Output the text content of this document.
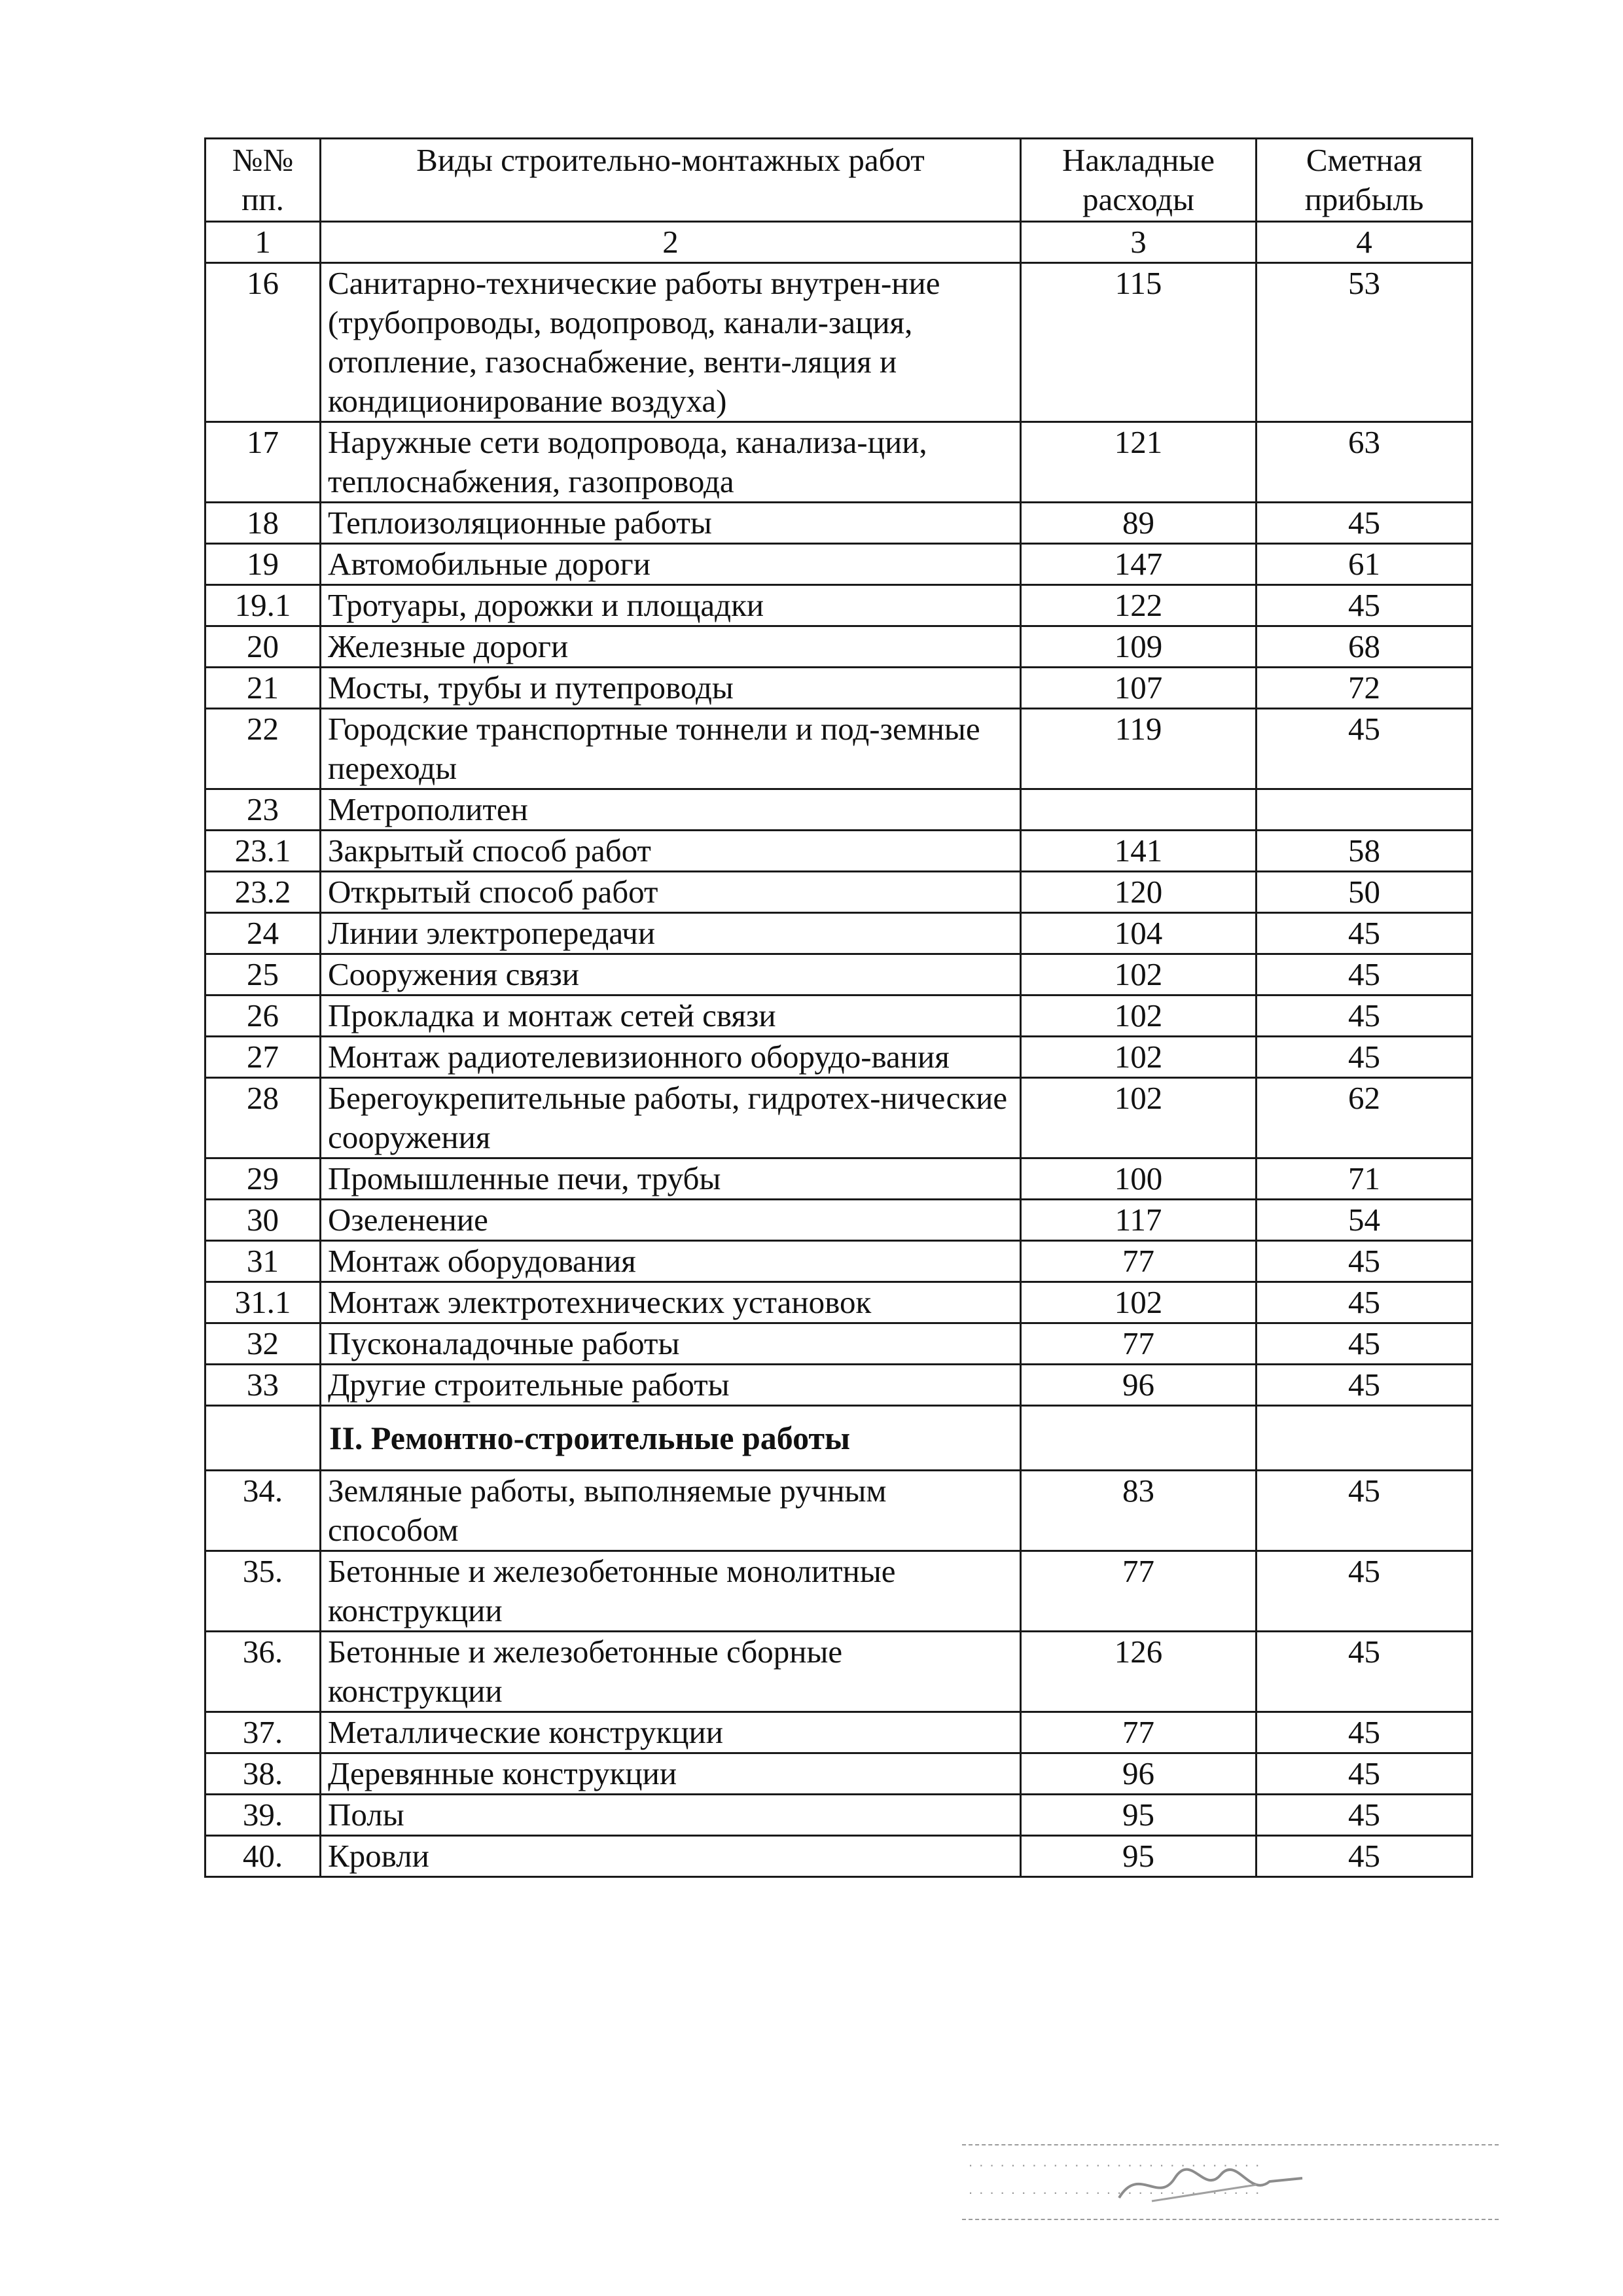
№№ пп.	Виды строительно-монтажных работ	Накладные расходы	Сметная прибыль
1	2	3	4
16	Санитарно-технические работы внутрен-ние (трубопроводы, водопровод, канали-зация, отопление, газоснабжение, венти-ляция и кондиционирование воздуха)	115	53
17	Наружные сети водопровода, канализа-ции, теплоснабжения, газопровода	121	63
18	Теплоизоляционные работы	89	45
19	Автомобильные дороги	147	61
19.1	Тротуары, дорожки и площадки	122	45
20	Железные дороги	109	68
21	Мосты, трубы и путепроводы	107	72
22	Городские транспортные тоннели и под-земные переходы	119	45
23	Метрополитен		
23.1	Закрытый способ работ	141	58
23.2	Открытый способ работ	120	50
24	Линии электропередачи	104	45
25	Сооружения связи	102	45
26	Прокладка и монтаж сетей связи	102	45
27	Монтаж радиотелевизионного оборудо-вания	102	45
28	Берегоукрепительные работы, гидротех-нические сооружения	102	62
29	Промышленные печи, трубы	100	71
30	Озеленение	117	54
31	Монтаж оборудования	77	45
31.1	Монтаж электротехнических установок	102	45
32	Пусконаладочные работы	77	45
33	Другие строительные работы	96	45
	II. Ремонтно-строительные работы		
34.	Земляные работы, выполняемые ручным способом	83	45
35.	Бетонные и железобетонные монолитные конструкции	77	45
36.	Бетонные и железобетонные сборные конструкции	126	45
37.	Металлические конструкции	77	45
38.	Деревянные конструкции	96	45
39.	Полы	95	45
40.	Кровли	95	45
. . . . . . . . . . . . . . . . . . . . . . . . . . . .
. . . . . . . . . . . . . . . . . . . . . . . . . . . .
